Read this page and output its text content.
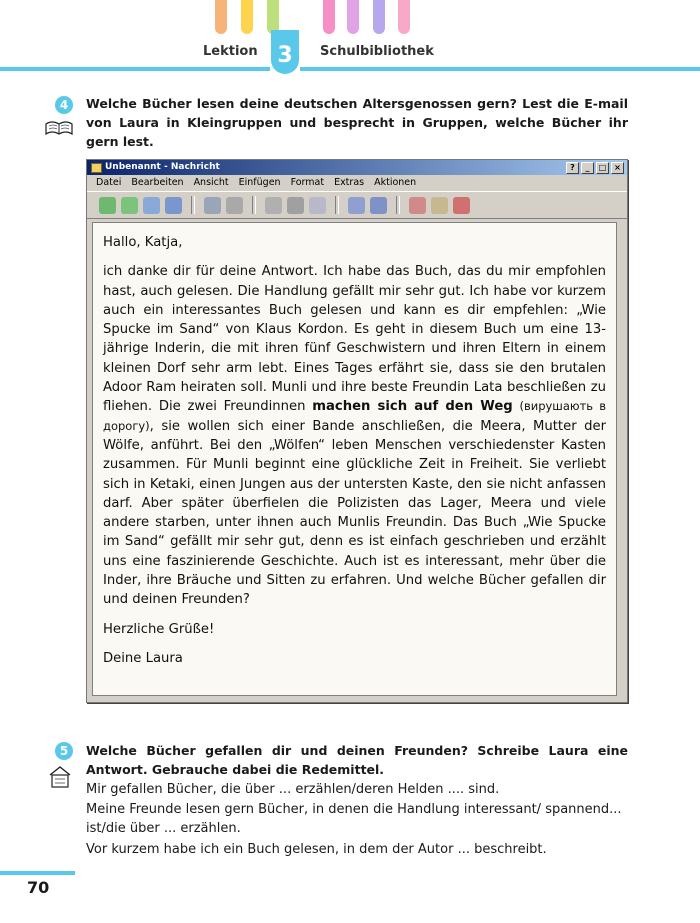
Lektion 3	Schulbibliothek
4	Welche Bücher lesen deine deutschen Altersgenossen gern? Lest die E-mail von Laura in Kleingruppen und besprecht in Gruppen, welche Bücher ihr gern lest.
Unbenannt - Nachricht	?	_	□ ×
Datei Bearbeiten Ansicht Einfügen Format Extras Aktionen

Hallo, Katja,

ich danke dir für deine Antwort. Ich habe das Buch, das du mir empfohlen hast, auch gelesen. Die Handlung gefällt mir sehr gut. Ich habe vor kurzem auch ein interessantes Buch gelesen und kann es dir empfehlen: „Wie Spucke im Sand“ von Klaus Kordon. Es geht in diesem Buch um eine 13-jährige Inderin, die mit ihren fünf Geschwistern und ihren Eltern in einem kleinen Dorf sehr arm lebt. Eines Tages erfährt sie, dass sie den brutalen Adoor Ram heiraten soll. Munli und ihre beste Freundin Lata beschließen zu fliehen. Die zwei Freundinnen machen sich auf den Weg (вирушають в дорогу), sie wollen sich einer Bande anschließen, die Meera, Mutter der Wölfe, anführt. Bei den „Wölfen“ leben Menschen verschiedenster Kasten zusammen. Für Munli beginnt eine glückliche Zeit in Freiheit. Sie verliebt sich in Ketaki, einen Jungen aus der untersten Kaste, den sie nicht anfassen darf. Aber später überfielen die Polizisten das Lager, Meera und viele andere starben, unter ihnen auch Munlis Freundin. Das Buch „Wie Spucke im Sand“ gefällt mir sehr gut, denn es ist einfach geschrieben und erzählt uns eine faszinierende Geschichte. Auch ist es interessant, mehr über die Inder, ihre Bräuche und Sitten zu erfahren. Und welche Bücher gefallen dir und deinen Freunden?

Herzliche Grüße!

Deine Laura

5	Welche Bücher gefallen dir und deinen Freunden? Schreibe Laura eine Antwort. Gebrauche dabei die Redemittel.
Mir gefallen Bücher, die über ... erzählen/deren Helden .... sind.
Meine Freunde lesen gern Bücher, in denen die Handlung interessant/ spannend... ist/die über ... erzählen.
Vor kurzem habe ich ein Buch gelesen, in dem der Autor ... beschreibt.
70
